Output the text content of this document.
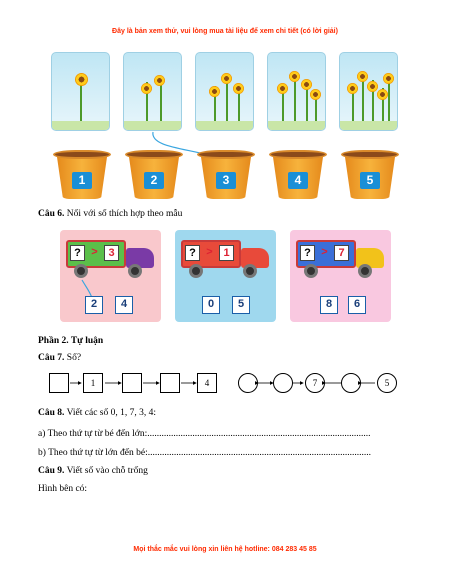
Đây là bản xem thử, vui lòng mua tài liệu để xem chi tiết (có lời giải)
1	2	3	4	5
Câu 6. Nối với số thích hợp theo mẫu
? > 3
2	4
? > 1
0	5
? > 7
8	6
Phần 2. Tự luận
Câu 7. Số?
1	4	7	5
Câu 8. Viết các số 0, 1, 7, 3, 4:
a) Theo thứ tự từ bé đến lớn:..............................................................................................
b) Theo thứ tự từ lớn đến bé:..............................................................................................
Câu 9. Viết số vào chỗ trống
Hình bên có:
Mọi thắc mắc vui lòng xin liên hệ hotline: 084 283 45 85
